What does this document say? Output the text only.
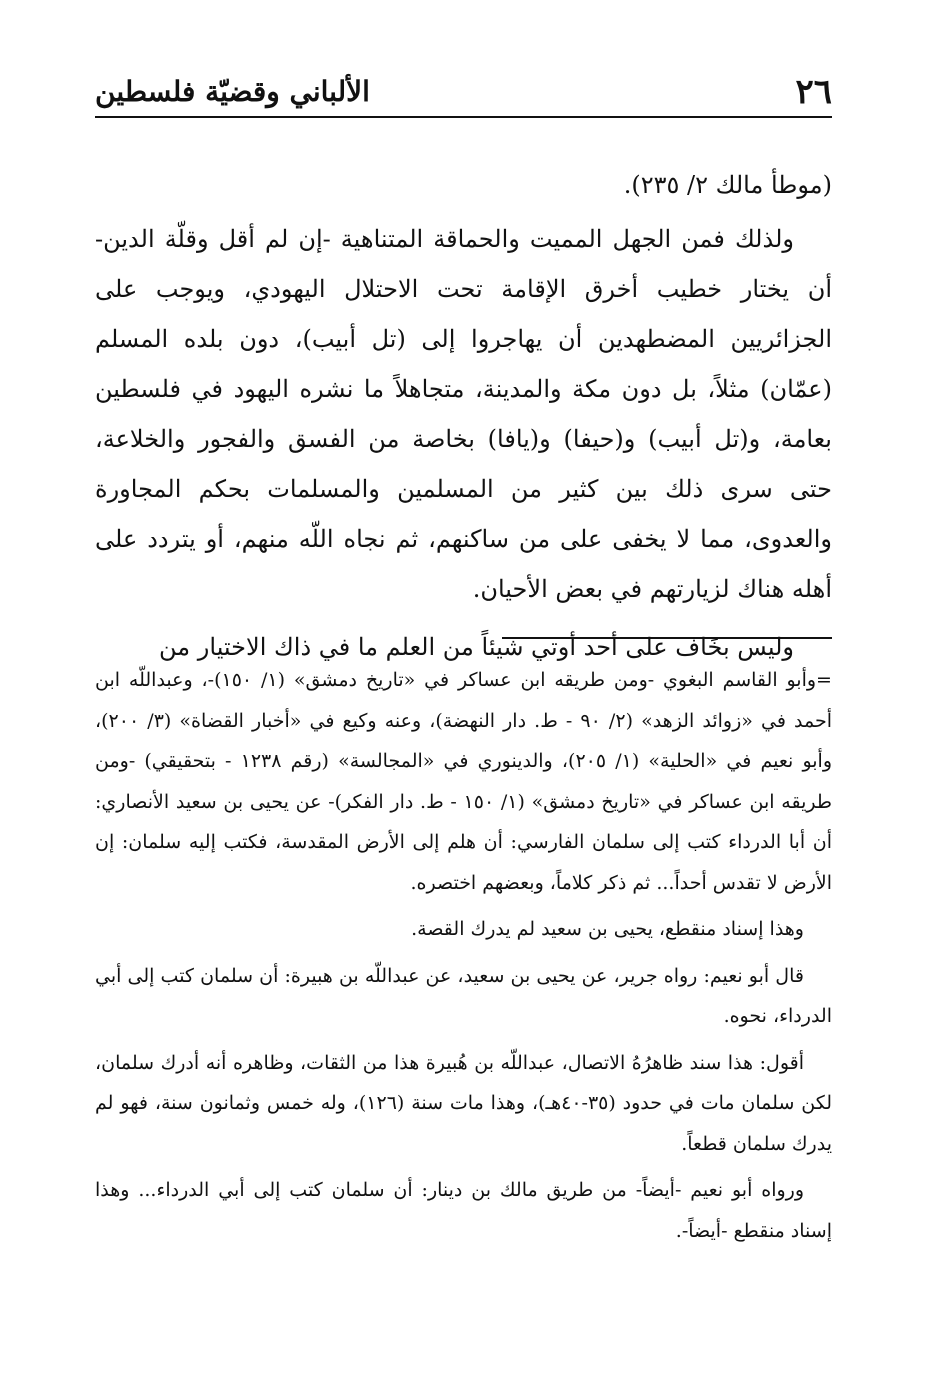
٢٦
الألباني وقضيّة فلسطين

(موطأ مالك ٢/ ٢٣٥).

ولذلك فمن الجهل المميت والحماقة المتناهية -إن لم أقل وقلّة الدين- أن يختار خطيب أخرق الإقامة تحت الاحتلال اليهودي، ويوجب على الجزائريين المضطهدين أن يهاجروا إلى (تل أبيب)، دون بلده المسلم (عمّان) مثلاً، بل دون مكة والمدينة، متجاهلاً ما نشره اليهود في فلسطين بعامة، و(تل أبيب) و(حيفا) و(يافا) بخاصة من الفسق والفجور والخلاعة، حتى سرى ذلك بين كثير من المسلمين والمسلمات بحكم المجاورة والعدوى، مما لا يخفى على من ساكنهم، ثم نجاه اللّه منهم، أو يتردد على أهله هناك لزيارتهم في بعض الأحيان.

وليس بخَاف على أحد أوتي شيئاً من العلم ما في ذاك الاختيار من

=وأبو القاسم البغوي -ومن طريقه ابن عساكر في «تاريخ دمشق» (١/ ١٥٠)-، وعبداللّه ابن أحمد في «زوائد الزهد» (٢/ ٩٠ - ط. دار النهضة)، وعنه وكيع في «أخبار القضاة» (٣/ ٢٠٠)، وأبو نعيم في «الحلية» (١/ ٢٠٥)، والدينوري في «المجالسة» (رقم ١٢٣٨ - بتحقيقي) -ومن طريقه ابن عساكر في «تاريخ دمشق» (١/ ١٥٠ - ط. دار الفكر)- عن يحيى بن سعيد الأنصاري: أن أبا الدرداء كتب إلى سلمان الفارسي: أن هلم إلى الأرض المقدسة، فكتب إليه سلمان: إن الأرض لا تقدس أحداً... ثم ذكر كلاماً، وبعضهم اختصره.

وهذا إسناد منقطع، يحيى بن سعيد لم يدرك القصة.

قال أبو نعيم: رواه جرير، عن يحيى بن سعيد، عن عبداللّه بن هبيرة: أن سلمان كتب إلى أبي الدرداء، نحوه.

أقول: هذا سند ظاهرُهُ الاتصال، عبداللّه بن هُبيرة هذا من الثقات، وظاهره أنه أدرك سلمان، لكن سلمان مات في حدود (٣٥-٤٠هـ)، وهذا مات سنة (١٢٦)، وله خمس وثمانون سنة، فهو لم يدرك سلمان قطعاً.

ورواه أبو نعيم -أيضاً- من طريق مالك بن دينار: أن سلمان كتب إلى أبي الدرداء... وهذا إسناد منقطع -أيضاً-.
